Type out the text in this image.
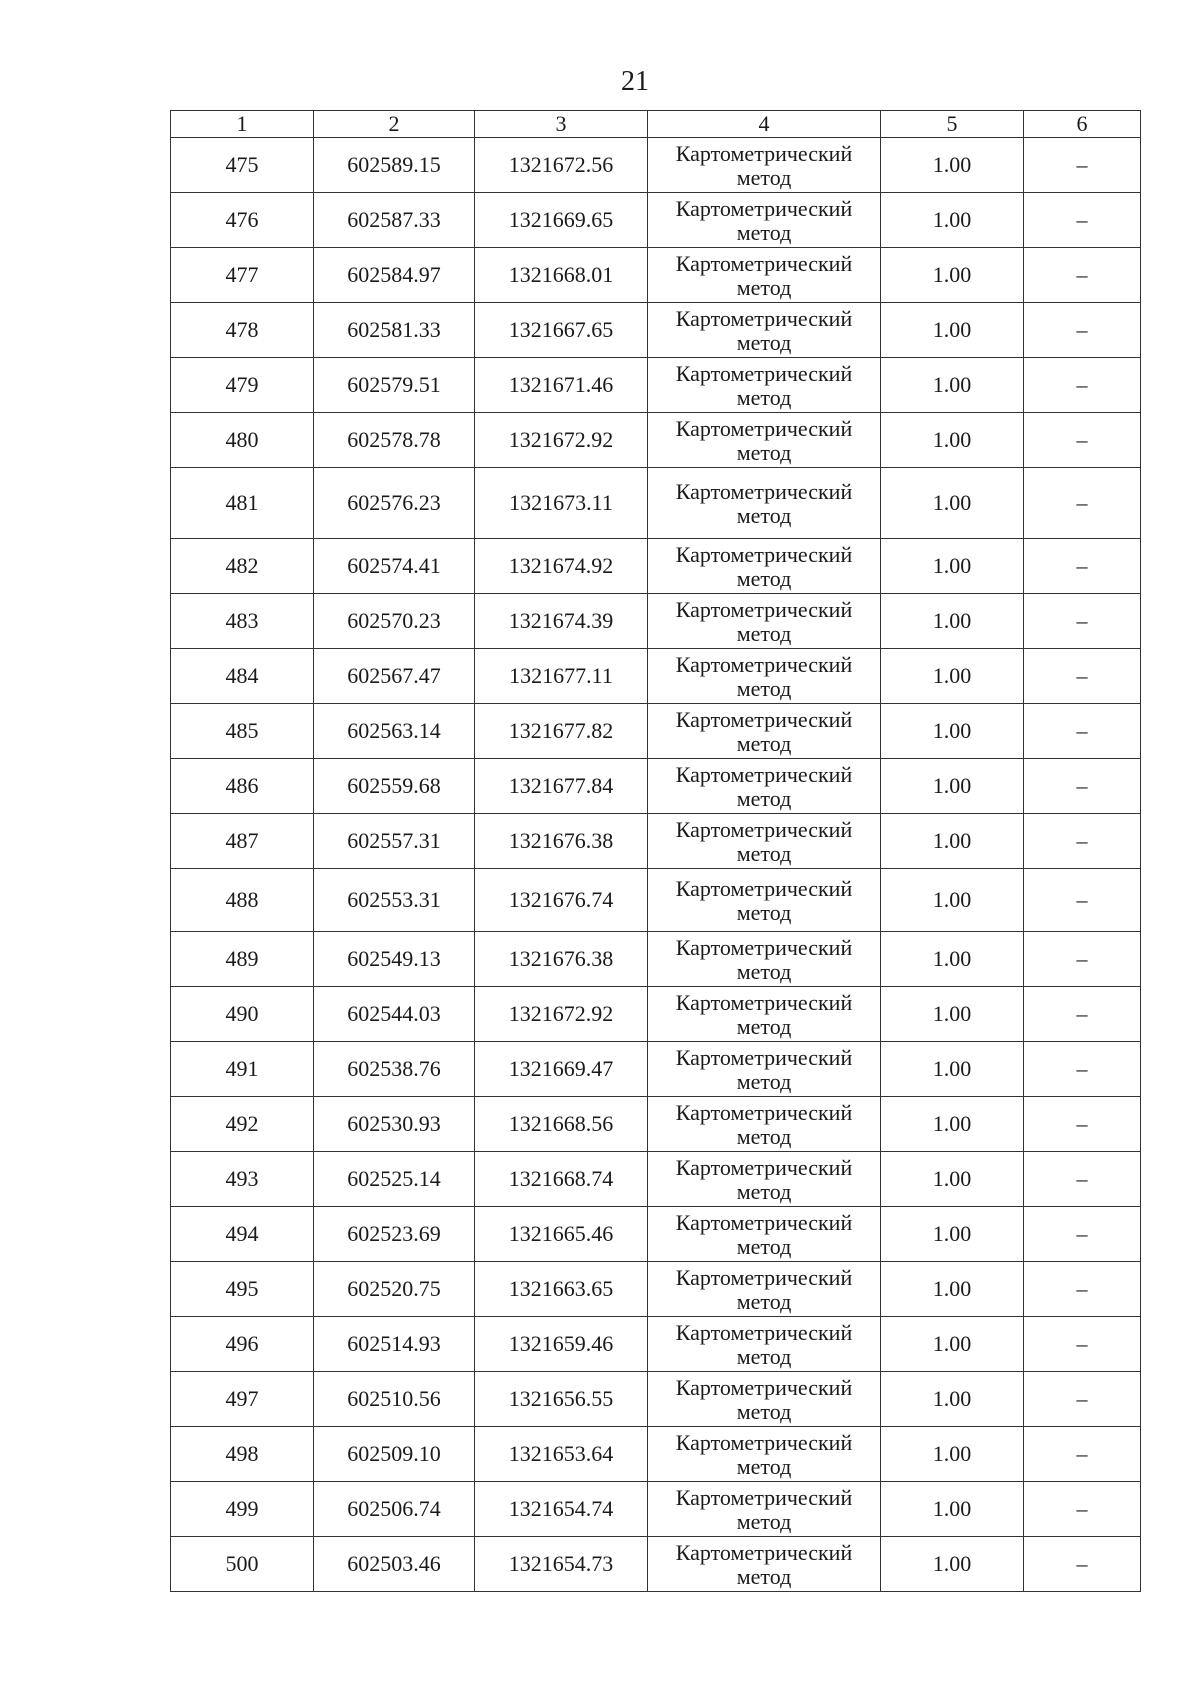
21
1	2	3	4	5	6
475	602589.15	1321672.56	Картометрический метод	1.00	–
476	602587.33	1321669.65	Картометрический метод	1.00	–
477	602584.97	1321668.01	Картометрический метод	1.00	–
478	602581.33	1321667.65	Картометрический метод	1.00	–
479	602579.51	1321671.46	Картометрический метод	1.00	–
480	602578.78	1321672.92	Картометрический метод	1.00	–
481	602576.23	1321673.11	Картометрический метод	1.00	–
482	602574.41	1321674.92	Картометрический метод	1.00	–
483	602570.23	1321674.39	Картометрический метод	1.00	–
484	602567.47	1321677.11	Картометрический метод	1.00	–
485	602563.14	1321677.82	Картометрический метод	1.00	–
486	602559.68	1321677.84	Картометрический метод	1.00	–
487	602557.31	1321676.38	Картометрический метод	1.00	–
488	602553.31	1321676.74	Картометрический метод	1.00	–
489	602549.13	1321676.38	Картометрический метод	1.00	–
490	602544.03	1321672.92	Картометрический метод	1.00	–
491	602538.76	1321669.47	Картометрический метод	1.00	–
492	602530.93	1321668.56	Картометрический метод	1.00	–
493	602525.14	1321668.74	Картометрический метод	1.00	–
494	602523.69	1321665.46	Картометрический метод	1.00	–
495	602520.75	1321663.65	Картометрический метод	1.00	–
496	602514.93	1321659.46	Картометрический метод	1.00	–
497	602510.56	1321656.55	Картометрический метод	1.00	–
498	602509.10	1321653.64	Картометрический метод	1.00	–
499	602506.74	1321654.74	Картометрический метод	1.00	–
500	602503.46	1321654.73	Картометрический метод	1.00	–
